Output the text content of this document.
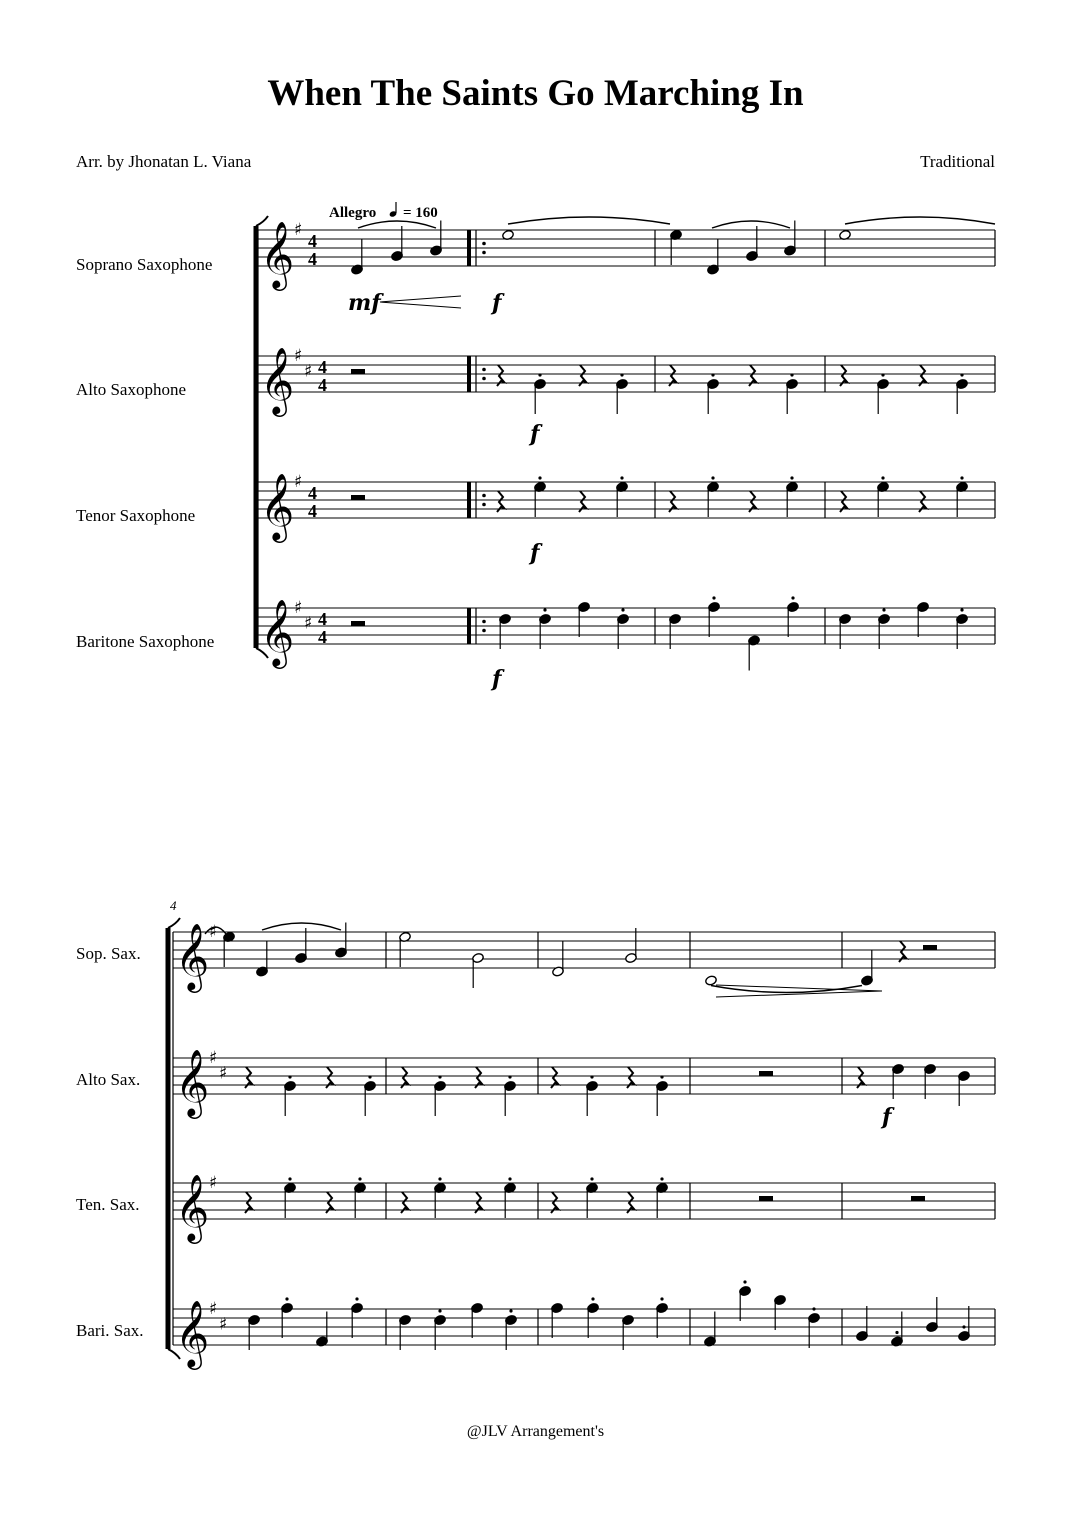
When The Saints Go Marching In
Arr. by Jhonatan L. Viana	Traditional
Allegro = 160
Soprano Saxophone
Alto Saxophone
Tenor Saxophone
Baritone Saxophone
Sop. Sax.
Alto Sax.
Ten. Sax.
Bari. Sax.
4
𝄞 ♯
4
4
𝄞 ♯
♯ 4
4
𝄞 ♯
4
4
𝄞 ♯
♯ 4
4
𝄞 ♯
𝄞 ♯
♯
𝄞 ♯
𝄞 ♯
♯
mf	f
f
f
f
f
@JLV Arrangement's
